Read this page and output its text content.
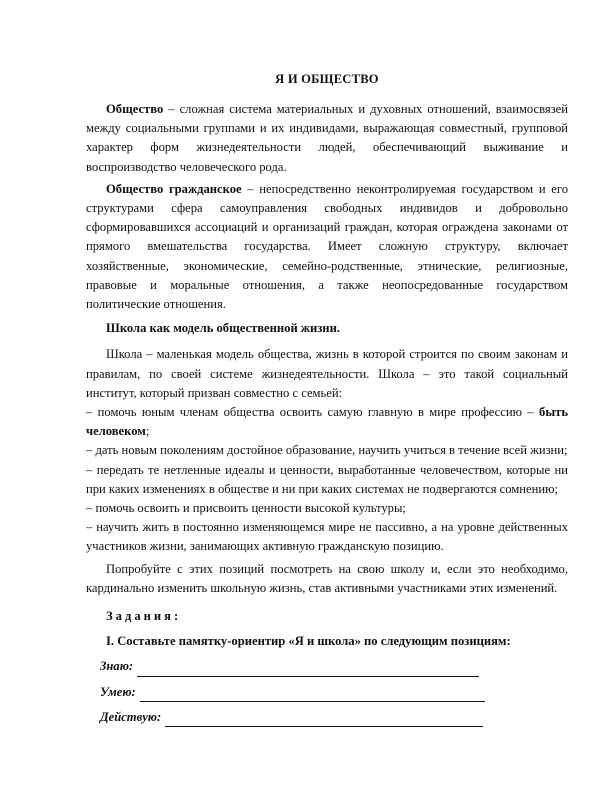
Я И ОБЩЕСТВО

Общество – сложная система материальных и духовных отношений, взаимосвязей между социальными группами и их индивидами, выражающая совместный, групповой характер форм жизнедеятельности людей, обеспечивающий выживание и воспроизводство человеческого рода.

Общество гражданское – непосредственно неконтролируемая государством и его структурами сфера самоуправления свободных индивидов и добровольно сформировавшихся ассоциаций и организаций граждан, которая ограждена законами от прямого вмешательства государства. Имеет сложную структуру, включает хозяйственные, экономические, семейно-родственные, этнические, религиозные, правовые и моральные отношения, а также неопосредованные государством политические отношения.

Школа как модель общественной жизни.

Школа – маленькая модель общества, жизнь в которой строится по своим законам и правилам, по своей системе жизнедеятельности. Школа – это такой социальный институт, который призван совместно с семьей:

– помочь юным членам общества освоить самую главную в мире профессию – быть человеком;

– дать новым поколениям достойное образование, научить учиться в течение всей жизни;

– передать те нетленные идеалы и ценности, выработанные человечеством, которые ни при каких изменениях в обществе и ни при каких системах не подвергаются сомнению;

– помочь освоить и присвоить ценности высокой культуры;

– научить жить в постоянно изменяющемся мире не пассивно, а на уровне действенных участников жизни, занимающих активную гражданскую позицию.

Попробуйте с этих позиций посмотреть на свою школу и, если это необходимо, кардинально изменить школьную жизнь, став активными участниками этих изменений.

Задания:
I. Составьте памятку-ориентир «Я и школа» по следующим позициям:
Знаю:
Умею:
Действую:
